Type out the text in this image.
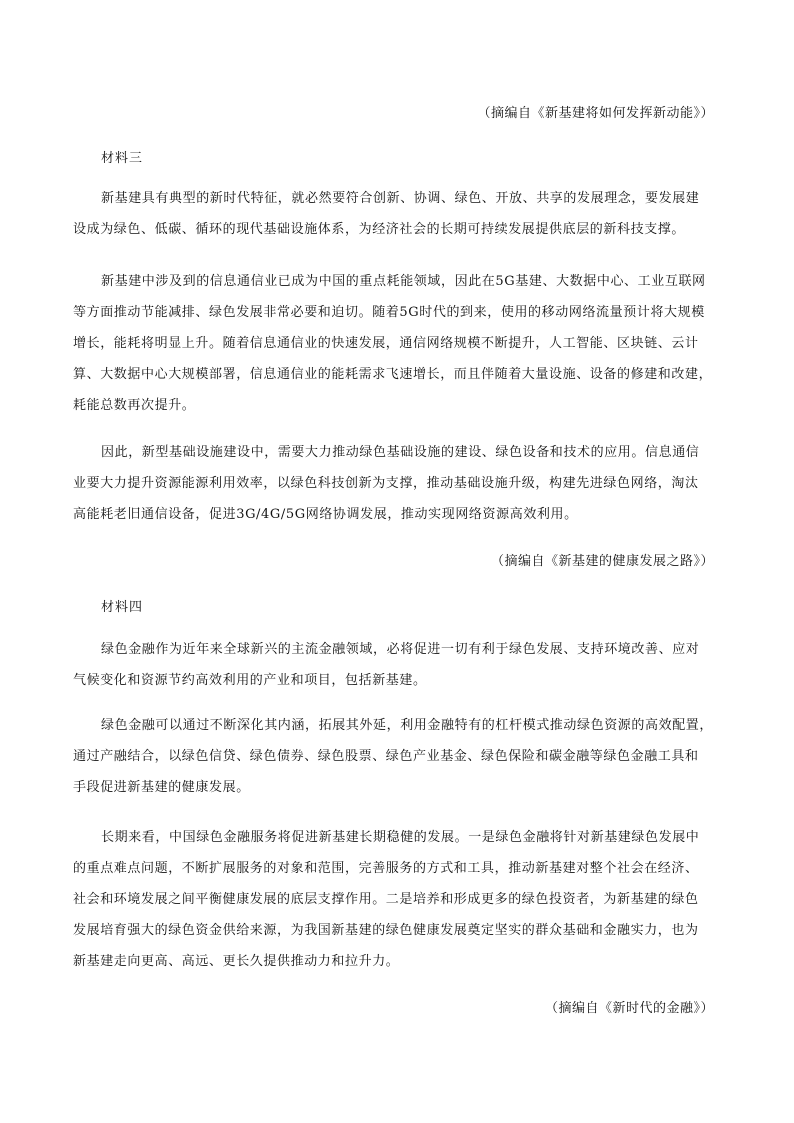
（摘编自《新基建将如何发挥新动能》）
材料三
新基建具有典型的新时代特征，就必然要符合创新、协调、绿色、开放、共享的发展理念，要发展建
设成为绿色、低碳、循环的现代基础设施体系，为经济社会的长期可持续发展提供底层的新科技支撑。
新基建中涉及到的信息通信业已成为中国的重点耗能领域，因此在5G基建、大数据中心、工业互联网
等方面推动节能减排、绿色发展非常必要和迫切。随着5G时代的到来，使用的移动网络流量预计将大规模
增长，能耗将明显上升。随着信息通信业的快速发展，通信网络规模不断提升，人工智能、区块链、云计
算、大数据中心大规模部署，信息通信业的能耗需求飞速增长，而且伴随着大量设施、设备的修建和改建，
耗能总数再次提升。
因此，新型基础设施建设中，需要大力推动绿色基础设施的建设、绿色设备和技术的应用。信息通信
业要大力提升资源能源利用效率，以绿色科技创新为支撑，推动基础设施升级，构建先进绿色网络，淘汰
高能耗老旧通信设备，促进3G/4G/5G网络协调发展，推动实现网络资源高效利用。
（摘编自《新基建的健康发展之路》）
材料四
绿色金融作为近年来全球新兴的主流金融领域，必将促进一切有利于绿色发展、支持环境改善、应对
气候变化和资源节约高效利用的产业和项目，包括新基建。
绿色金融可以通过不断深化其内涵，拓展其外延，利用金融特有的杠杆模式推动绿色资源的高效配置，
通过产融结合，以绿色信贷、绿色债券、绿色股票、绿色产业基金、绿色保险和碳金融等绿色金融工具和
手段促进新基建的健康发展。
长期来看，中国绿色金融服务将促进新基建长期稳健的发展。一是绿色金融将针对新基建绿色发展中
的重点难点问题，不断扩展服务的对象和范围，完善服务的方式和工具，推动新基建对整个社会在经济、
社会和环境发展之间平衡健康发展的底层支撑作用。二是培养和形成更多的绿色投资者，为新基建的绿色
发展培育强大的绿色资金供给来源，为我国新基建的绿色健康发展奠定坚实的群众基础和金融实力，也为
新基建走向更高、高远、更长久提供推动力和拉升力。
（摘编自《新时代的金融》）
